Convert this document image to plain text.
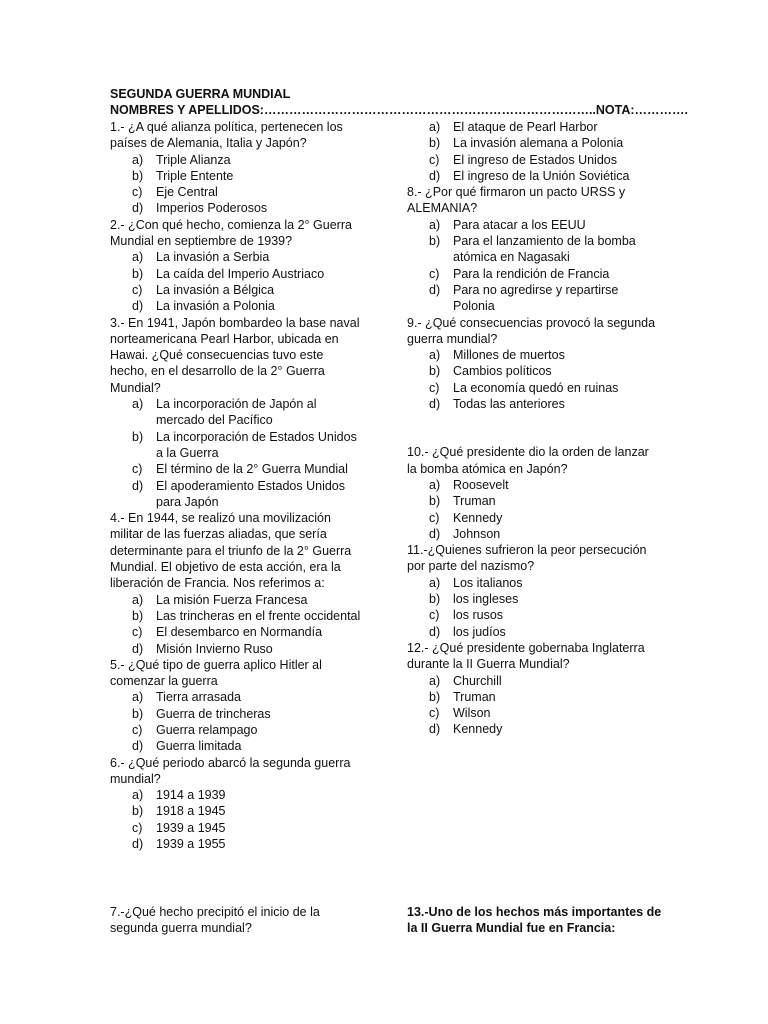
SEGUNDA GUERRA MUNDIAL
NOMBRES Y APELLIDOS:……………………………………………………………………..NOTA:………….
1.- ¿A qué alianza política, pertenecen los países de Alemania, Italia y Japón?
a)	Triple Alianza
b)	Triple Entente
c)	Eje Central
d)	Imperios Poderosos
2.- ¿Con qué hecho, comienza la 2° Guerra Mundial en septiembre de 1939?
a)	La invasión a Serbia
b)	La caída del Imperio Austriaco
c)	La invasión a Bélgica
d)	La invasión a Polonia
3.- En 1941, Japón bombardeo la base naval norteamericana Pearl Harbor, ubicada en Hawai. ¿Qué consecuencias tuvo este hecho, en el desarrollo de la 2° Guerra Mundial?
a)	La incorporación de Japón al mercado del Pacífico
b)	La incorporación de Estados Unidos a la Guerra
c)	El término de la 2° Guerra Mundial
d)	El apoderamiento Estados Unidos para Japón
4.- En 1944, se realizó una movilización militar de las fuerzas aliadas, que sería determinante para el triunfo de la 2° Guerra Mundial. El objetivo de esta acción, era la liberación de Francia. Nos referimos a:
a)	La misión Fuerza Francesa
b)	Las trincheras en el frente occidental
c)	El desembarco en Normandía
d)	Misión Invierno Ruso
5.- ¿Qué tipo de guerra aplico Hitler al comenzar la guerra
a)	Tierra arrasada
b)	Guerra de trincheras
c)	Guerra relampago
d)	Guerra limitada
6.- ¿Qué periodo abarcó la segunda guerra mundial?
a)	1914 a 1939
b)	1918 a 1945
c)	1939 a 1945
d)	1939 a 1955
a)	El ataque de Pearl Harbor
b)	La invasión alemana a Polonia
c)	El ingreso de Estados Unidos
d)	El ingreso de la Unión Soviética
8.- ¿Por qué firmaron un pacto URSS y ALEMANIA?
a)	Para atacar a los EEUU
b)	Para el lanzamiento de la bomba atómica en Nagasaki
c)	Para la rendición de Francia
d)	Para no agredirse y repartirse Polonia
9.- ¿Qué consecuencias provocó la segunda guerra mundial?
a)	Millones de muertos
b)	Cambios políticos
c)	La economía quedó en ruinas
d)	Todas las anteriores
10.- ¿Qué presidente dio la orden de lanzar la bomba atómica en Japón?
a)	Roosevelt
b)	Truman
c)	Kennedy
d)	Johnson
11.-¿Quienes sufrieron la peor persecución por parte del nazismo?
a)	Los italianos
b)	los ingleses
c)	los rusos
d)	los judíos
12.- ¿Qué presidente gobernaba Inglaterra durante la II Guerra Mundial?
a)	Churchill
b)	Truman
c)	Wilson
d)	Kennedy
7.-¿Qué hecho precipitó el inicio de la segunda guerra mundial?
13.-Uno de los hechos más importantes de la II Guerra Mundial fue en Francia:
